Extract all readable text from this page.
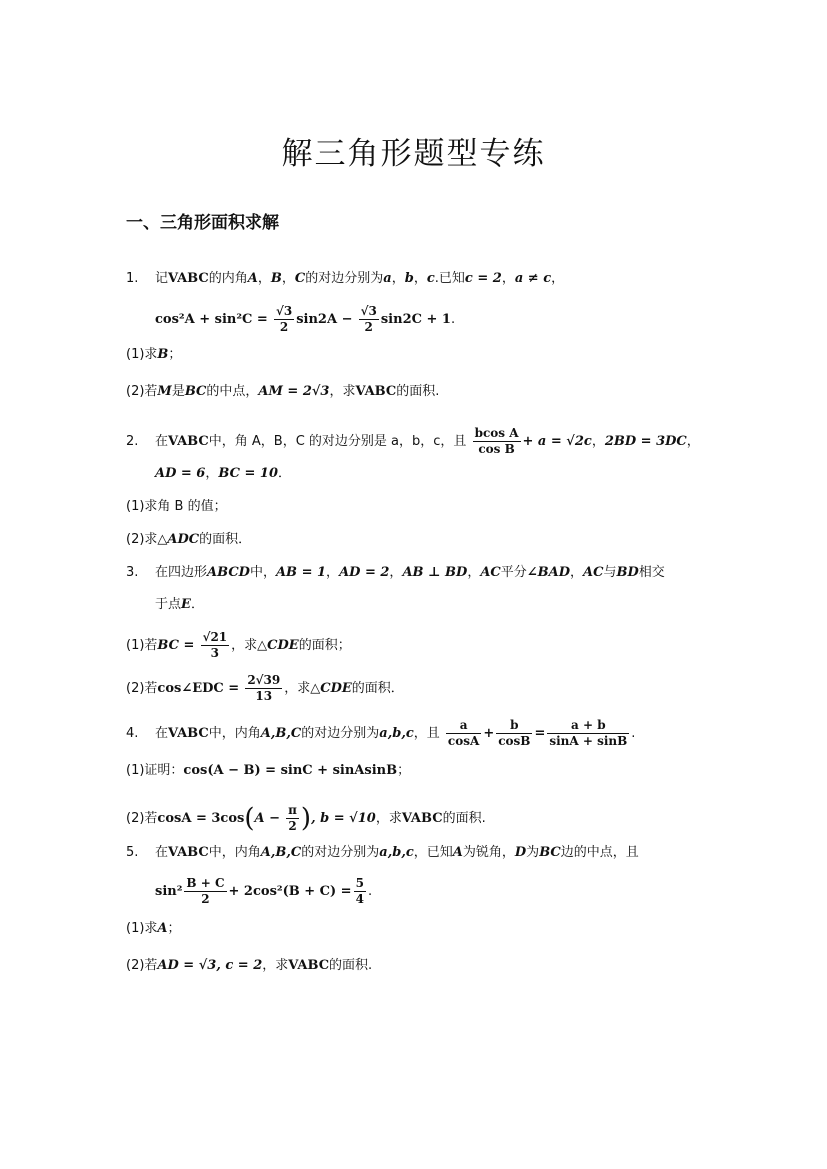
解三角形题型专练
一、三角形面积求解
1. 记VABC的内角A，B，C的对边分别为a，b，c.已知c = 2，a ≠ c，
$\cos^2A + \sin^2C = \frac{√3}{2} \sin 2A - \frac{√3}{2} \sin 2C + 1$.
(1)求B；
(2)若M是BC的中点，AM = 2√3，求VABC的面积.
2. 在VABC中，角 A，B，C 的对边分别是 a，b，c，且 $\frac{\text{bcos A}}{\text{cos B}} + a = √2c$，2BD = 3DC，
AD = 6，BC = 10．
(1)求角 B 的值；
(2)求△ADC的面积．
3. 在四边形ABCD中，AB = 1，AD = 2，AB ⊥ BD，AC平分∠BAD，AC与BD相交
于点E．
(1)若BC = $\frac{√21}{3}$ ，求△CDE的面积；
(2)若cos∠EDC = $\frac{2√39}{13}$ ，求△CDE的面积．
4. 在VABC中，内角A,B,C的对边分别为a,b,c，且 $\frac{a}{\cos A} + \frac{b}{\cos B} = \frac{a + b}{\sin A + \sin B}$ .
(1)证明：cos(A − B) = sinC + sinAsinB；
(2)若$\cos A = 3\cos(A - \frac{\pi}{2}$ ), b = √10，求VABC的面积.
5. 在VABC中，内角A,B,C的对边分别为a,b,c，已知A为锐角，D为BC边的中点，且
$\sin^2 \frac{B + C}{2} + 2\cos^2(B + C) = \frac{5}{4}$ .
(1)求A；
(2)若AD = √3, c = 2，求VABC的面积.
